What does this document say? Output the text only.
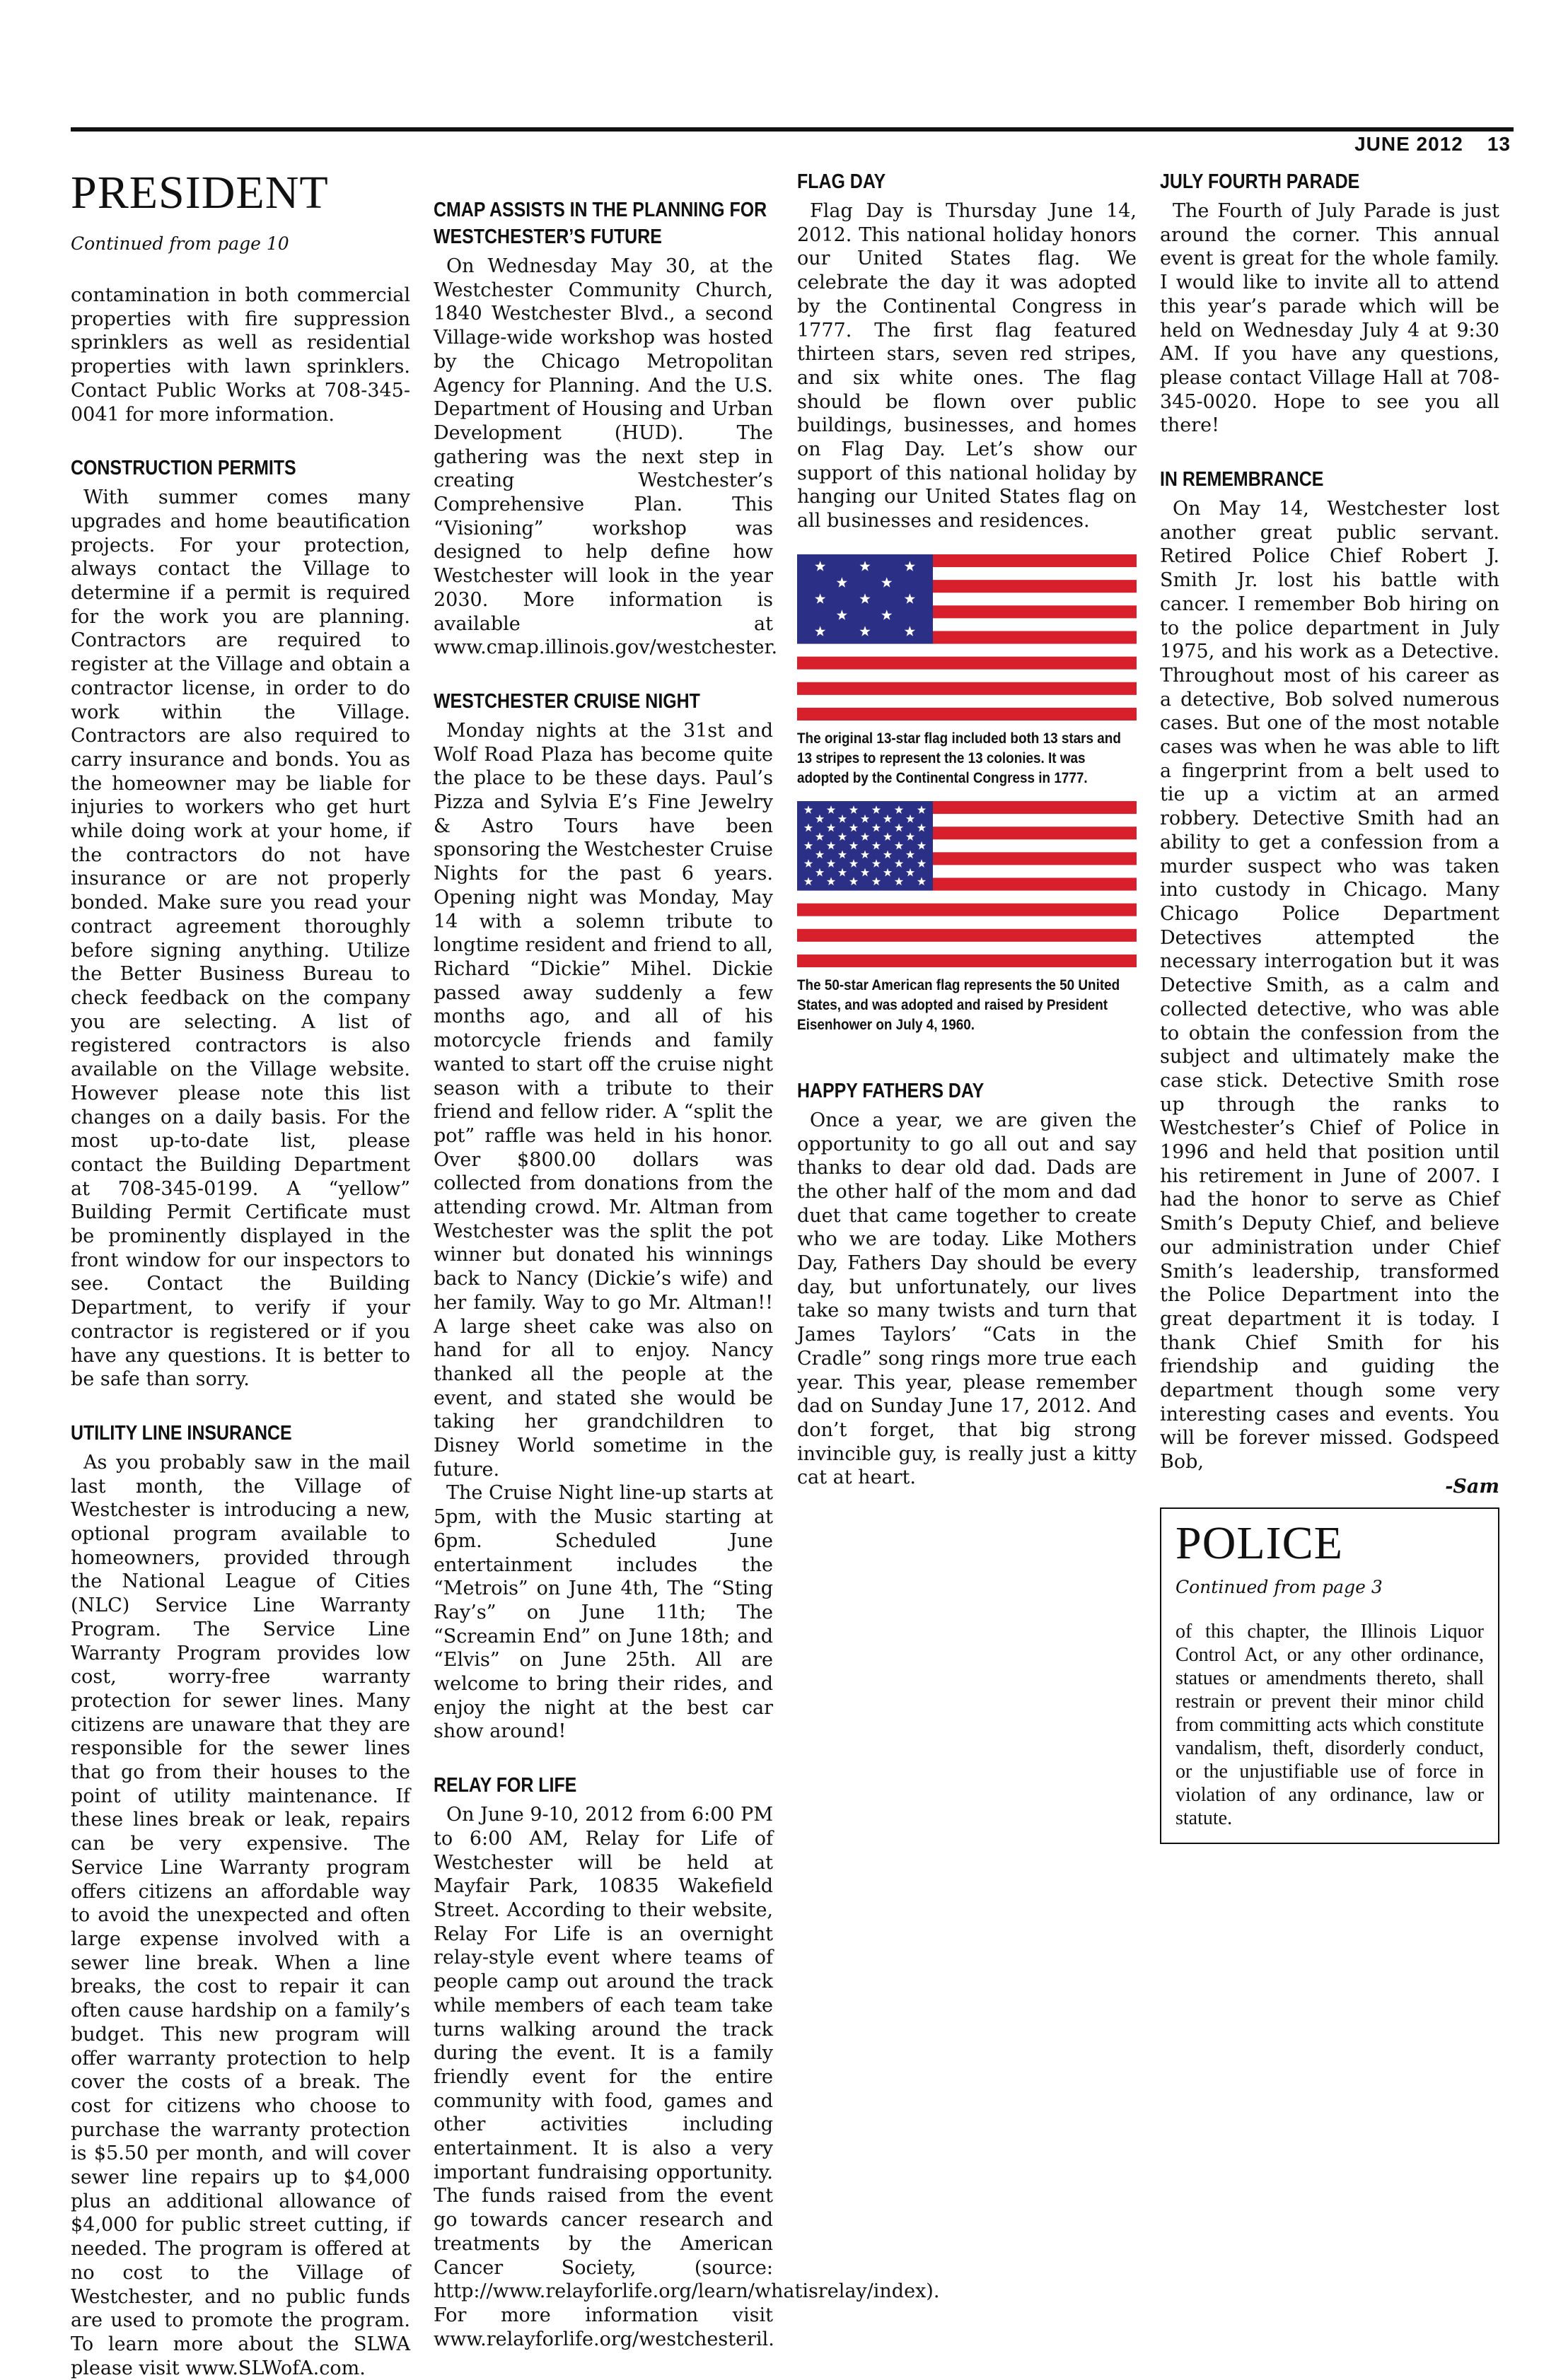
JUNE 2012 13
PRESIDENT
Continued from page 10

contamination in both commercial properties with fire suppression sprinklers as well as residential properties with lawn sprinklers. Contact Public Works at 708-345-0041 for more information.

CONSTRUCTION PERMITS

With summer comes many upgrades and home beautification projects. For your protection, always contact the Village to determine if a permit is required for the work you are planning. Contractors are required to register at the Village and obtain a contractor license, in order to do work within the Village. Contractors are also required to carry insurance and bonds. You as the homeowner may be liable for injuries to workers who get hurt while doing work at your home, if the contractors do not have insurance or are not properly bonded. Make sure you read your contract agreement thoroughly before signing anything. Utilize the Better Business Bureau to check feedback on the company you are selecting. A list of registered contractors is also available on the Village website. However please note this list changes on a daily basis. For the most up-to-date list, please contact the Building Department at 708-345-0199. A “yellow” Building Permit Certificate must be prominently displayed in the front window for our inspectors to see. Contact the Building Department, to verify if your contractor is registered or if you have any questions. It is better to be safe than sorry.

UTILITY LINE INSURANCE

As you probably saw in the mail last month, the Village of Westchester is introducing a new, optional program available to homeowners, provided through the National League of Cities (NLC) Service Line Warranty Program. The Service Line Warranty Program provides low cost, worry-free warranty protection for sewer lines. Many citizens are unaware that they are responsible for the sewer lines that go from their houses to the point of utility maintenance. If these lines break or leak, repairs can be very expensive. The Service Line Warranty program offers citizens an affordable way to avoid the unexpected and often large expense involved with a sewer line break. When a line breaks, the cost to repair it can often cause hardship on a family’s budget. This new program will offer warranty protection to help cover the costs of a break. The cost for citizens who choose to purchase the warranty protection is $5.50 per month, and will cover sewer line repairs up to $4,000 plus an additional allowance of $4,000 for public street cutting, if needed. The program is offered at no cost to the Village of Westchester, and no public funds are used to promote the program. To learn more about the SLWA please visit www.SLWofA.com.

CMAP ASSISTS IN THE PLANNING FOR WESTCHESTER’S FUTURE

On Wednesday May 30, at the Westchester Community Church, 1840 Westchester Blvd., a second Village-wide workshop was hosted by the Chicago Metropolitan Agency for Planning. And the U.S. Department of Housing and Urban Development (HUD). The gathering was the next step in creating Westchester’s Comprehensive Plan. This “Visioning” workshop was designed to help define how Westchester will look in the year 2030. More information is available at www.cmap.illinois.gov/westchester.

WESTCHESTER CRUISE NIGHT

Monday nights at the 31st and Wolf Road Plaza has become quite the place to be these days. Paul’s Pizza and Sylvia E’s Fine Jewelry & Astro Tours have been sponsoring the Westchester Cruise Nights for the past 6 years. Opening night was Monday, May 14 with a solemn tribute to longtime resident and friend to all, Richard “Dickie” Mihel. Dickie passed away suddenly a few months ago, and all of his motorcycle friends and family wanted to start off the cruise night season with a tribute to their friend and fellow rider. A “split the pot” raffle was held in his honor. Over $800.00 dollars was collected from donations from the attending crowd. Mr. Altman from Westchester was the split the pot winner but donated his winnings back to Nancy (Dickie’s wife) and her family. Way to go Mr. Altman!! A large sheet cake was also on hand for all to enjoy. Nancy thanked all the people at the event, and stated she would be taking her grandchildren to Disney World sometime in the future.

The Cruise Night line-up starts at 5pm, with the Music starting at 6pm. Scheduled June entertainment includes the “Metrois” on June 4th, The “Sting Ray’s” on June 11th; The “Screamin End” on June 18th; and “Elvis” on June 25th. All are welcome to bring their rides, and enjoy the night at the best car show around!

RELAY FOR LIFE

On June 9-10, 2012 from 6:00 PM to 6:00 AM, Relay for Life of Westchester will be held at Mayfair Park, 10835 Wakefield Street. According to their website, Relay For Life is an overnight relay-style event where teams of people camp out around the track while members of each team take turns walking around the track during the event. It is a family friendly event for the entire community with food, games and other activities including entertainment. It is also a very important fundraising opportunity. The funds raised from the event go towards cancer research and treatments by the American Cancer Society, (source: http://www.relayforlife.org/learn/whatisrelay/index). For more information visit www.relayforlife.org/westchesteril.

FLAG DAY

Flag Day is Thursday June 14, 2012. This national holiday honors our United States flag. We celebrate the day it was adopted by the Continental Congress in 1777. The first flag featured thirteen stars, seven red stripes, and six white ones. The flag should be flown over public buildings, businesses, and homes on Flag Day. Let’s show our support of this national holiday by hanging our United States flag on all businesses and residences.

The original 13-star flag included both 13 stars and 13 stripes to represent the 13 colonies. It was adopted by the Continental Congress in 1777.
The 50-star American flag represents the 50 United States, and was adopted and raised by President Eisenhower on July 4, 1960.
HAPPY FATHERS DAY

Once a year, we are given the opportunity to go all out and say thanks to dear old dad. Dads are the other half of the mom and dad duet that came together to create who we are today. Like Mothers Day, Fathers Day should be every day, but unfortunately, our lives take so many twists and turn that James Taylors’ “Cats in the Cradle” song rings more true each year. This year, please remember dad on Sunday June 17, 2012. And don’t forget, that big strong invincible guy, is really just a kitty cat at heart.

JULY FOURTH PARADE

The Fourth of July Parade is just around the corner. This annual event is great for the whole family. I would like to invite all to attend this year’s parade which will be held on Wednesday July 4 at 9:30 AM. If you have any questions, please contact Village Hall at 708-345-0020. Hope to see you all there!

IN REMEMBRANCE

On May 14, Westchester lost another great public servant. Retired Police Chief Robert J. Smith Jr. lost his battle with cancer. I remember Bob hiring on to the police department in July 1975, and his work as a Detective. Throughout most of his career as a detective, Bob solved numerous cases. But one of the most notable cases was when he was able to lift a fingerprint from a belt used to tie up a victim at an armed robbery. Detective Smith had an ability to get a confession from a murder suspect who was taken into custody in Chicago. Many Chicago Police Department Detectives attempted the necessary interrogation but it was Detective Smith, as a calm and collected detective, who was able to obtain the confession from the subject and ultimately make the case stick. Detective Smith rose up through the ranks to Westchester’s Chief of Police in 1996 and held that position until his retirement in June of 2007. I had the honor to serve as Chief Smith’s Deputy Chief, and believe our administration under Chief Smith’s leadership, transformed the Police Department into the great department it is today. I thank Chief Smith for his friendship and guiding the department though some very interesting cases and events. You will be forever missed. Godspeed Bob,

-Sam
POLICE
Continued from page 3

of this chapter, the Illinois Liquor Control Act, or any other ordinance, statues or amendments thereto, shall restrain or prevent their minor child from committing acts which constitute vandalism, theft, disorderly conduct, or the unjustifiable use of force in violation of any ordinance, law or statute.
